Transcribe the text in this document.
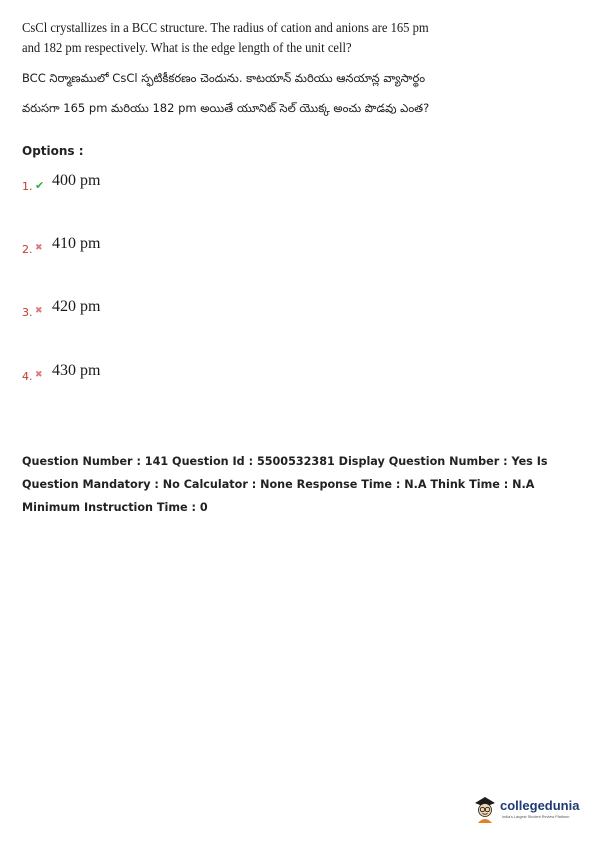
CsCl crystallizes in a BCC structure. The radius of cation and anions are 165 pm
and 182 pm respectively. What is the edge length of the unit cell?
BCC నిర్మాణములో CsCl స్ఫటికీకరణం చెందును. కాటయాన్ మరియు ఆనయాన్ల వ్యాసార్థం
వరుసగా 165 pm మరియు 182 pm అయితే యూనిట్ సెల్ యొక్క అంచు పొడవు ఎంత?
Options :
1. ✔ 400 pm
2. ✖ 410 pm
3. ✖ 420 pm
4. ✖ 430 pm
Question Number : 141 Question Id : 5500532381 Display Question Number : Yes Is Question Mandatory : No Calculator : None Response Time : N.A Think Time : N.A Minimum Instruction Time : 0
collegedunia
India's Largest Student Review Platform
